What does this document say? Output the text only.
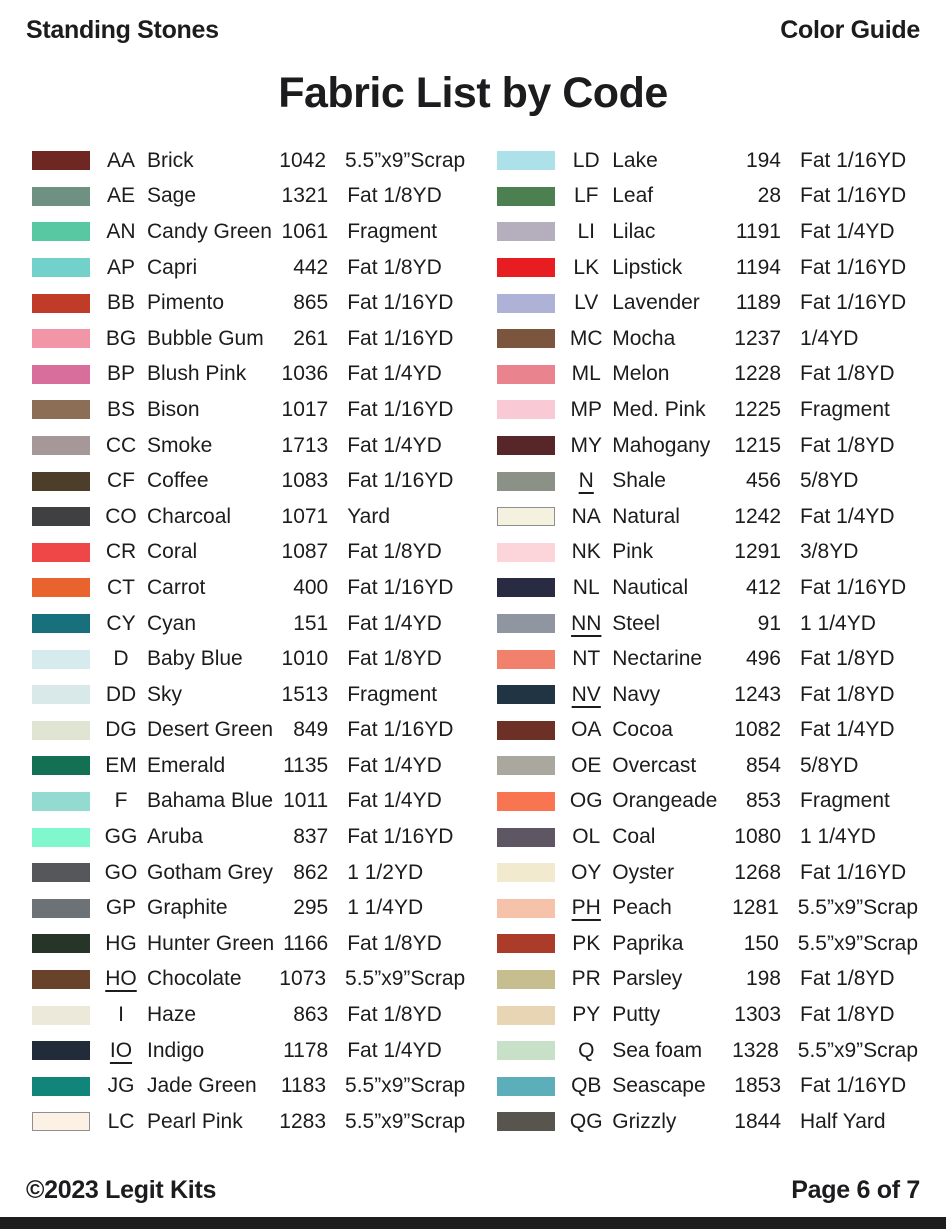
Standing Stones	Color Guide
Fabric List by Code
AA Brick	1042 5.5”x9”Scrap
AE Sage	1321 Fat 1/8YD
AN Candy Green 1061 Fragment
AP Capri	442 Fat 1/8YD
BB Pimento	865 Fat 1/16YD
BG Bubble Gum	261 Fat 1/16YD
BP Blush Pink	1036 Fat 1/4YD
BS Bison	1017 Fat 1/16YD
CC Smoke	1713 Fat 1/4YD
CF Coffee	1083 Fat 1/16YD
CO Charcoal	1071 Yard
CR Coral	1087 Fat 1/8YD
CT Carrot	400 Fat 1/16YD
CY Cyan	151 Fat 1/4YD
D Baby Blue	1010 Fat 1/8YD
DD Sky	1513 Fragment
DG Desert Green 849 Fat 1/16YD
EM Emerald	1135 Fat 1/4YD
F Bahama Blue 1011 Fat 1/4YD
GG Aruba	837 Fat 1/16YD
GO Gotham Grey 862 1 1/2YD
GP Graphite	295 1 1/4YD
HG Hunter Green 1166 Fat 1/8YD
HO Chocolate	1073 5.5”x9”Scrap
I	Haze	863 Fat 1/8YD
IO Indigo	1178 Fat 1/4YD
JG Jade Green	1183 5.5”x9”Scrap
LC Pearl Pink	1283 5.5”x9”Scrap
LD Lake	194 Fat 1/16YD
LF Leaf	28 Fat 1/16YD
LI Lilac	1191 Fat 1/4YD
LK Lipstick	1194 Fat 1/16YD
LV Lavender	1189 Fat 1/16YD
MC Mocha	1237 1/4YD
ML Melon	1228 Fat 1/8YD
MP Med. Pink	1225 Fragment
MY Mahogany	1215 Fat 1/8YD
N Shale	456 5/8YD
NA Natural	1242 Fat 1/4YD
NK Pink	1291 3/8YD
NL Nautical	412 Fat 1/16YD
NN Steel	91 1 1/4YD
NT Nectarine	496 Fat 1/8YD
NV Navy	1243 Fat 1/8YD
OA Cocoa	1082 Fat 1/4YD
OE Overcast	854 5/8YD
OG Orangeade	853 Fragment
OL Coal	1080 1 1/4YD
OY Oyster	1268 Fat 1/16YD
PH Peach	1281 5.5”x9”Scrap
PK Paprika	150 5.5”x9”Scrap
PR Parsley	198 Fat 1/8YD
PY Putty	1303 Fat 1/8YD
Q Sea foam	1328 5.5”x9”Scrap
QB Seascape	1853 Fat 1/16YD
QG Grizzly	1844 Half Yard
©2023 Legit Kits	Page 6 of 7
